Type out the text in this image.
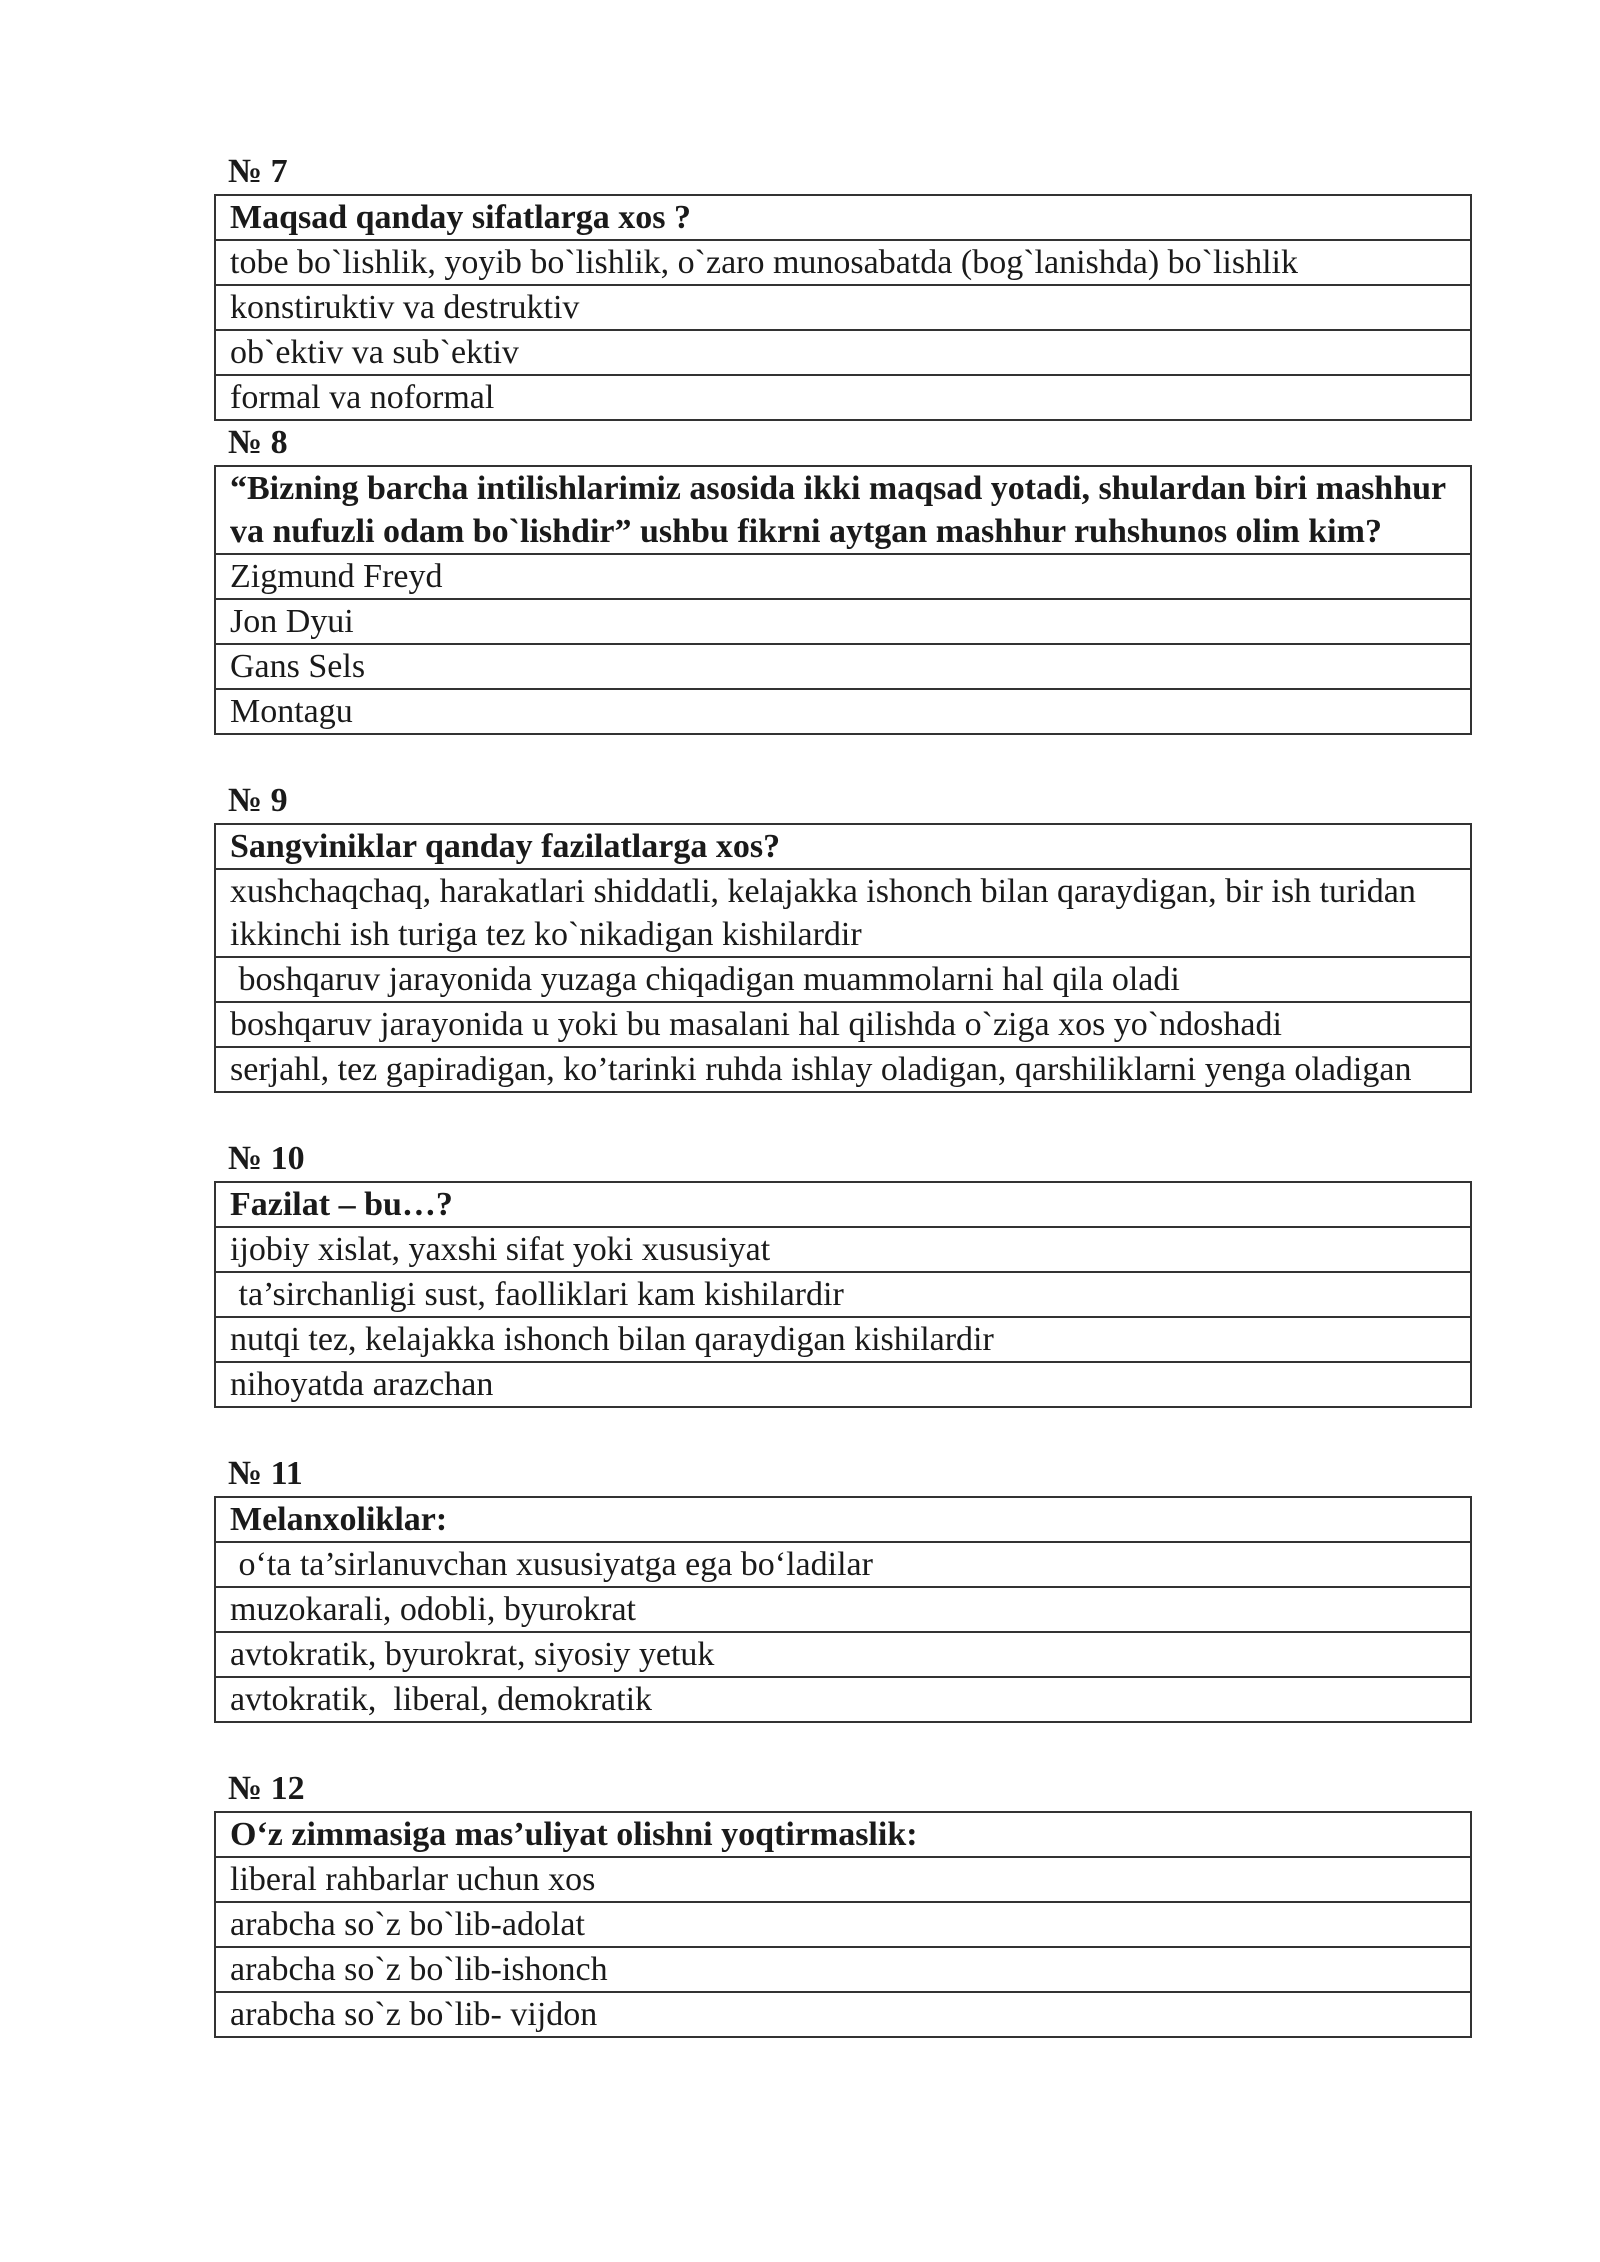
№ 7
Maqsad qanday sifatlarga xos ?
tobe bo`lishlik, yoyib bo`lishlik, o`zaro munosabatda (bog`lanishda) bo`lishlik
konstiruktiv va destruktiv
ob`ektiv va sub`ektiv
formal va noformal
№ 8
“Bizning barcha intilishlarimiz asosida ikki maqsad yotadi, shulardan biri mashhur va nufuzli odam bo`lishdir” ushbu fikrni aytgan mashhur ruhshunos olim kim?
Zigmund Freyd
Jon Dyui
Gans Sels
Montagu
№ 9
Sangviniklar qanday fazilatlarga xos?
xushchaqchaq, harakatlari shiddatli, kelajakka ishonch bilan qaraydigan, bir ish turidan   ikkinchi ish turiga tez ko`nikadigan kishilardir
boshqaruv jarayonida yuzaga chiqadigan muammolarni hal qila oladi
boshqaruv jarayonida u yoki bu masalani hal qilishda o`ziga xos yo`ndoshadi
serjahl, tez gapiradigan, ko’tarinki ruhda ishlay oladigan, qarshiliklarni yenga oladigan
№ 10
Fazilat – bu…?
ijobiy xislat, yaxshi sifat yoki xususiyat
ta’sirchanligi sust, faolliklari kam kishilardir
nutqi tez, kelajakka ishonch bilan qaraydigan kishilardir
nihoyatda arazchan
№ 11
Melanxoliklar:
o‘ta ta’sirlanuvchan xususiyatga ega bo‘ladilar
muzokarali, odobli, byurokrat
avtokratik, byurokrat, siyosiy yetuk
avtokratik,  liberal, demokratik
№ 12
O‘z zimmasiga mas’uliyat olishni yoqtirmaslik:
liberal rahbarlar uchun xos
arabcha so`z bo`lib-adolat
arabcha so`z bo`lib-ishonch
arabcha so`z bo`lib- vijdon
